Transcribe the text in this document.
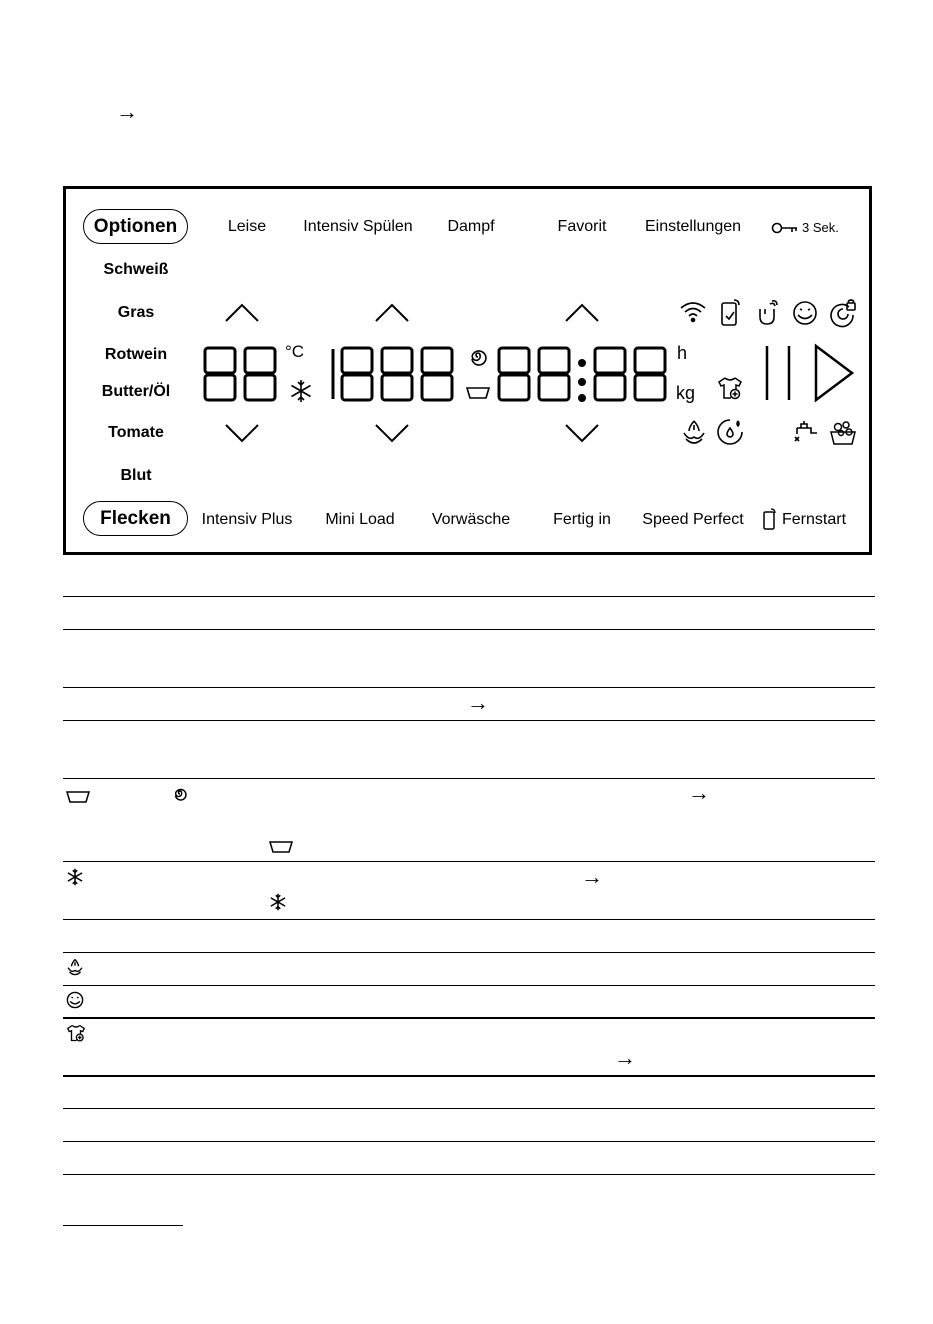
→
Optionen
Flecken
Leise Intensiv Spülen Dampf	Favorit Einstellungen	3 Sek.
Schweiß
Gras
Rotwein
Butter/Öl
Tomate
Blut
Intensiv Plus Mini Load Vorwäsche	Fertig in Speed Perfect Fernstart
°C	h
kg
→
→
→
→
